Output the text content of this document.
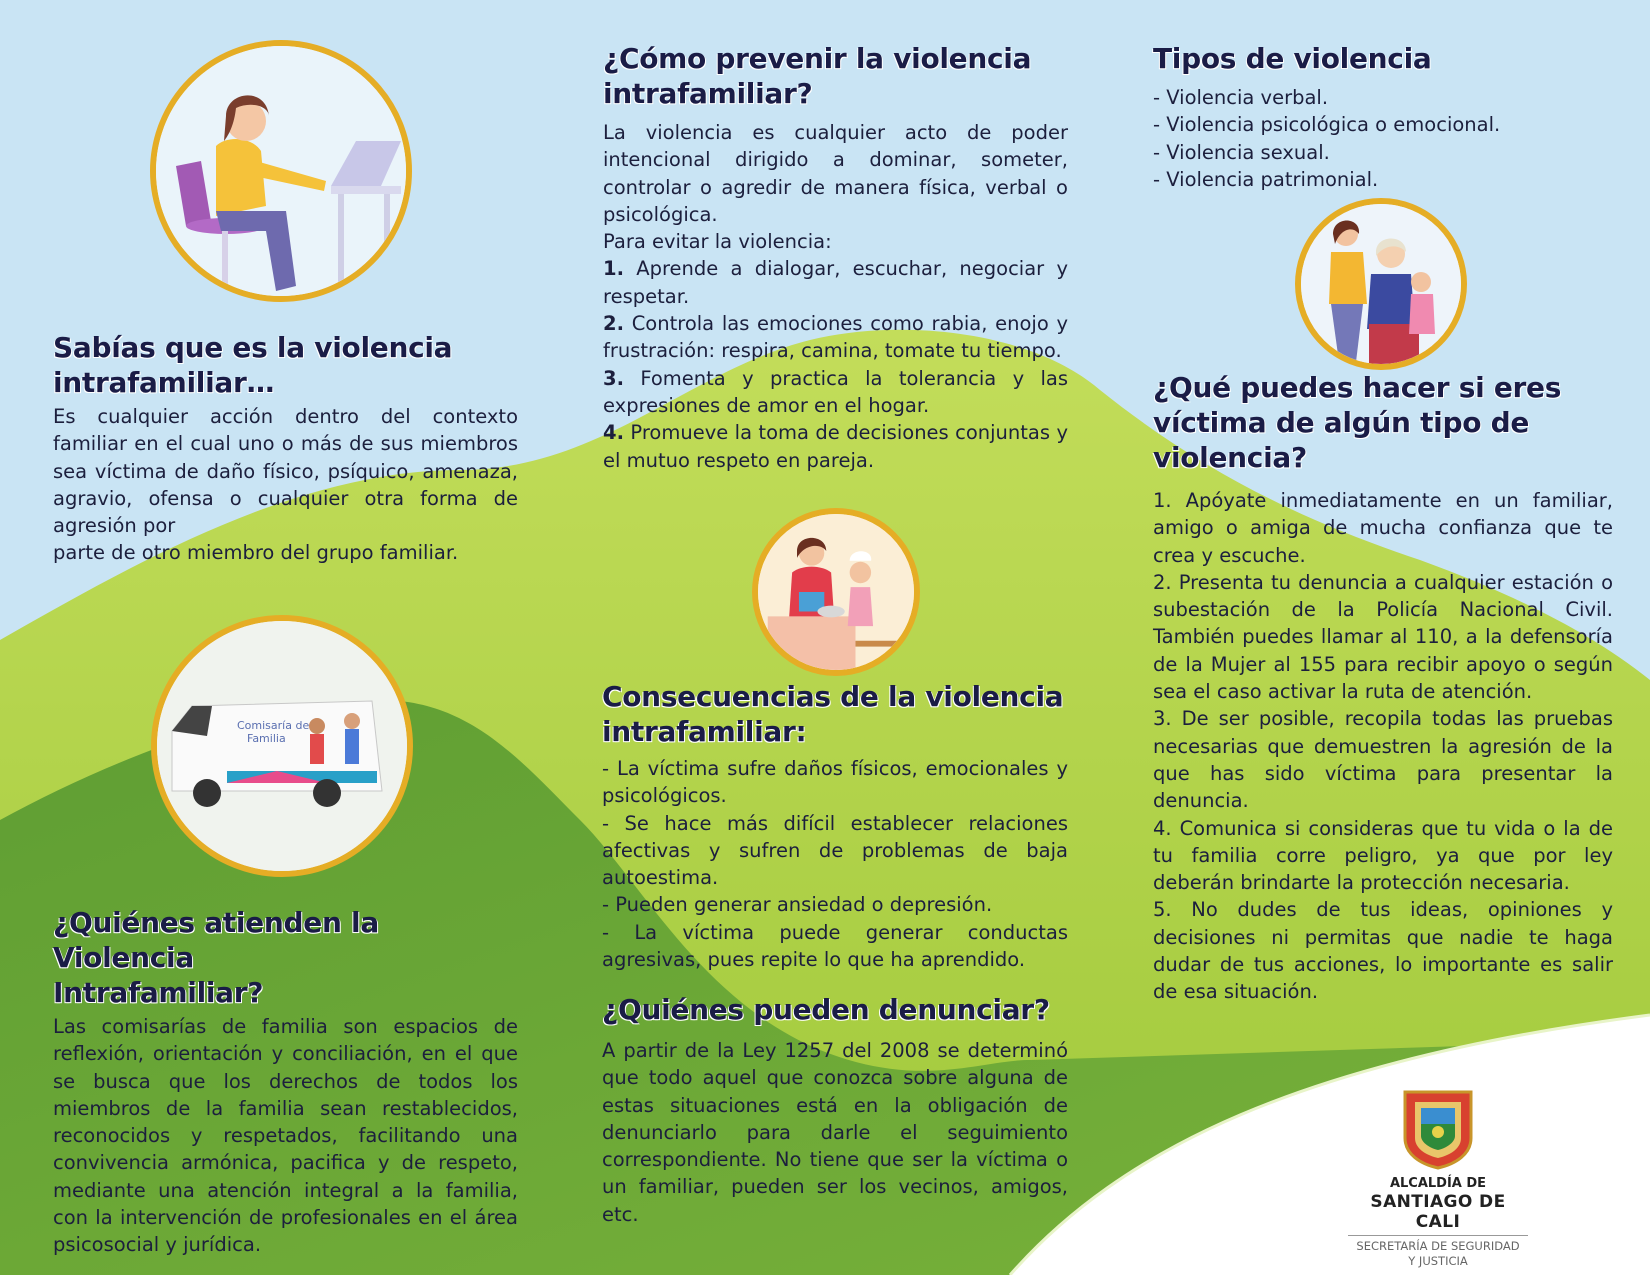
Sabías que es la violencia
intrafamiliar…

Es cualquier acción dentro del contexto familiar en el cual uno o más de sus miembros sea víctima de daño físico, psíquico, amenaza, agravio, ofensa o cualquier otra forma de agresión por

parte de otro miembro del grupo familiar.

Comisaría de
Familia
¿Quiénes atienden la Violencia
Intrafamiliar?

Las comisarías de familia son espacios de reflexión, orientación y conciliación, en el que se busca que los derechos de todos los miembros de la familia sean restablecidos, reconocidos y respetados, facilitando una convivencia armónica, pacifica y de respeto, mediante una atención integral a la familia, con la intervención de profesionales en el área psicosocial y jurídica.

¿Cómo prevenir la violencia
intrafamiliar?

La violencia es cualquier acto de poder intencional dirigido a dominar, someter, controlar o agredir de manera física, verbal o psicológica.

Para evitar la violencia:

1. Aprende a dialogar, escuchar, negociar y respetar.

2. Controla las emociones como rabia, enojo y frustración: respira, camina, tomate tu tiempo.

3. Fomenta y practica la tolerancia y las expresiones de amor en el hogar.

4. Promueve la toma de decisiones conjuntas y el mutuo respeto en pareja.

Consecuencias de la violencia
intrafamiliar:

- La víctima sufre daños físicos, emocionales y psicológicos.

- Se hace más difícil establecer relaciones afectivas y sufren de problemas de baja autoestima.

- Pueden generar ansiedad o depresión.

- La víctima puede generar conductas agresivas, pues repite lo que ha aprendido.

¿Quiénes pueden denunciar?

A partir de la Ley 1257 del 2008 se determinó que todo aquel que conozca sobre alguna de estas situaciones está en la obligación de denunciarlo para darle el seguimiento correspondiente. No tiene que ser la víctima o un familiar, pueden ser los vecinos, amigos, etc.

Tipos de violencia
- Violencia verbal.
- Violencia psicológica o emocional.
- Violencia sexual.
- Violencia patrimonial.
¿Qué puedes hacer si eres
víctima de algún tipo de
violencia?

1. Apóyate inmediatamente en un familiar, amigo o amiga de mucha confianza que te crea y escuche.

2. Presenta tu denuncia a cualquier estación o subestación de la Policía Nacional Civil. También puedes llamar al 110, a la defensoría de la Mujer al 155 para recibir apoyo o según sea el caso activar la ruta de atención.

3. De ser posible, recopila todas las pruebas necesarias que demuestren la agresión de la que has sido víctima para presentar la denuncia.

4. Comunica si consideras que tu vida o la de tu familia corre peligro, ya que por ley deberán brindarte la protección necesaria.

5. No dudes de tus ideas, opiniones y decisiones ni permitas que nadie te haga dudar de tus acciones, lo importante es salir de esa situación.

ALCALDÍA DE
SANTIAGO DE CALI
SECRETARÍA DE SEGURIDAD
Y JUSTICIA
